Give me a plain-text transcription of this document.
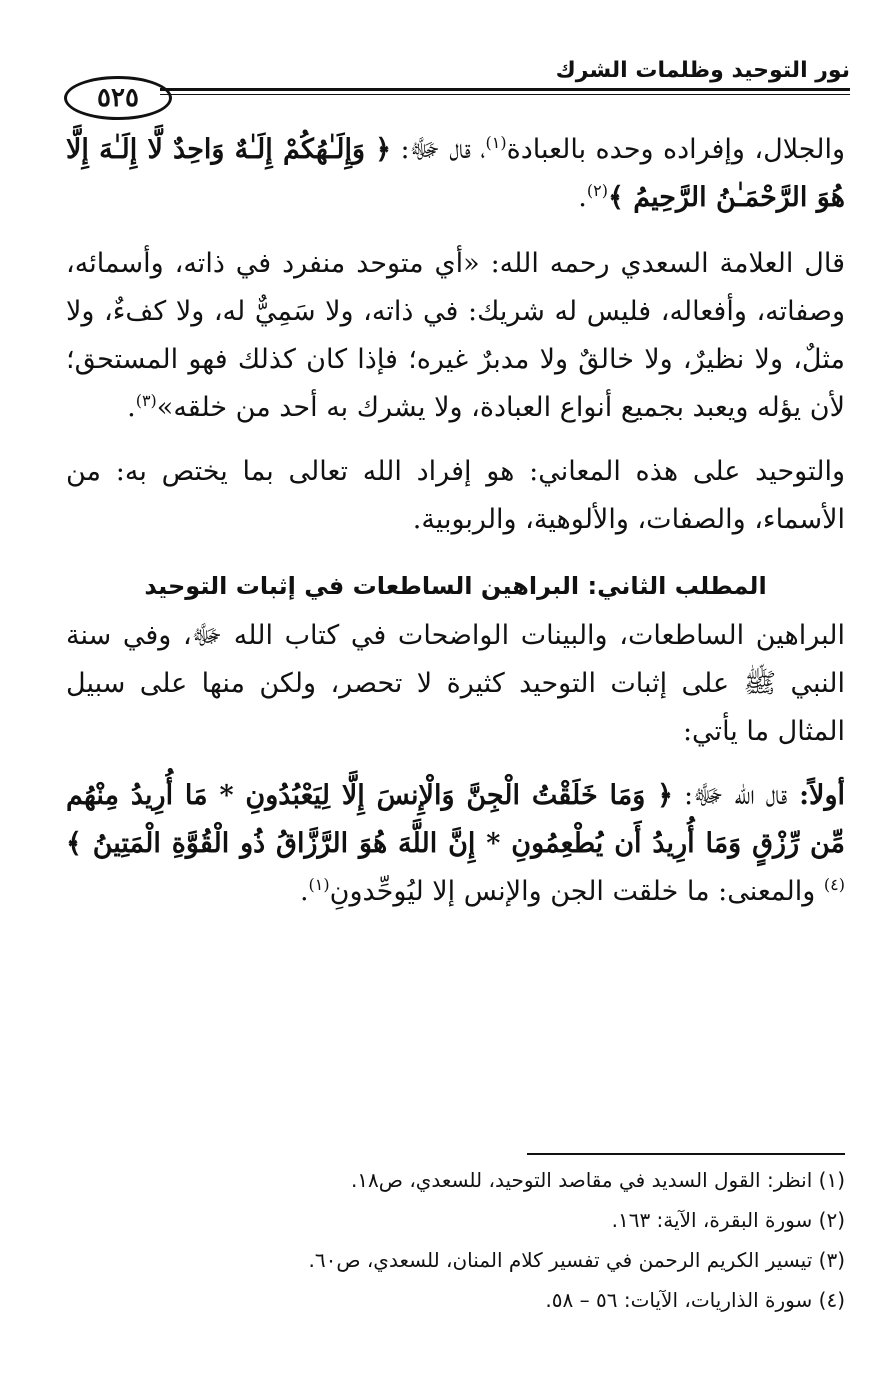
نور التوحيد وظلمات الشرك
٥٢٥

والجلال، وإفراده وحده بالعبادة$^{(١)}$، قال ﷻ: ﴿ وَإِلَـٰهُكُمْ إِلَـٰهٌ وَاحِدٌ لَّا إِلَـٰهَ إِلَّا هُوَ الرَّحْمَـٰنُ الرَّحِيمُ ﴾$^{(٢)}$.

قال العلامة السعدي رحمه الله: «أي متوحد منفرد في ذاته، وأسمائه، وصفاته، وأفعاله، فليس له شريك: في ذاته، ولا سَمِيٌّ له، ولا كفءٌ، ولا مثلٌ، ولا نظيرٌ، ولا خالقٌ ولا مدبرٌ غيره؛ فإذا كان كذلك فهو المستحق؛ لأن يؤله ويعبد بجميع أنواع العبادة، ولا يشرك به أحد من خلقه»$^{(٣)}$.

والتوحيد على هذه المعاني: هو إفراد الله تعالى بما يختص به: من الأسماء، والصفات، والألوهية، والربوبية.

المطلب الثاني: البراهين الساطعات في إثبات التوحيد

البراهين الساطعات، والبينات الواضحات في كتاب الله ﷻ، وفي سنة النبي ﷺ على إثبات التوحيد كثيرة لا تحصر، ولكن منها على سبيل المثال ما يأتي:

أولاً: قال الله ﷻ: ﴿ وَمَا خَلَقْتُ الْجِنَّ وَالْإِنسَ إِلَّا لِيَعْبُدُونِ * مَا أُرِيدُ مِنْهُم مِّن رِّزْقٍ وَمَا أُرِيدُ أَن يُطْعِمُونِ * إِنَّ اللَّهَ هُوَ الرَّزَّاقُ ذُو الْقُوَّةِ الْمَتِينُ ﴾$^{(٤)}$ والمعنى: ما خلقت الجن والإنس إلا ليُوحِّدونِ$^{(١)}$.

(١) انظر: القول السديد في مقاصد التوحيد، للسعدي، ص١٨.
(٢) سورة البقرة، الآية: ١٦٣.
(٣) تيسير الكريم الرحمن في تفسير كلام المنان، للسعدي، ص٦٠.
(٤) سورة الذاريات، الآيات: ٥٦ – ٥٨.
